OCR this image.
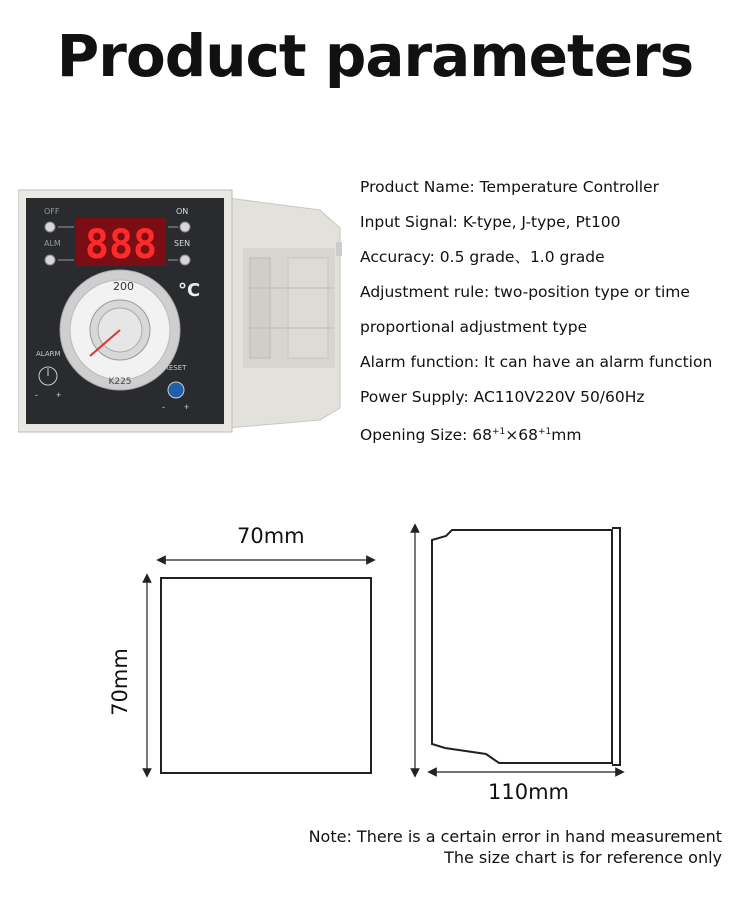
Product parameters
OFF	ON
ALM	SEN
888
°C
200
K225
ALARM
- +
RESET
- +
Product Name: Temperature Controller
Input Signal: K-type, J-type, Pt100
Accuracy: 0.5 grade、1.0 grade
Adjustment rule: two-position type or time
proportional adjustment type
Alarm function: It can have an alarm function
Power Supply: AC110V220V 50/60Hz
Opening Size: $68^{+1}\times 68^{+1}mm$
70mm
70mm
110mm
Note: There is a certain error in hand measurement
The size chart is for reference only
